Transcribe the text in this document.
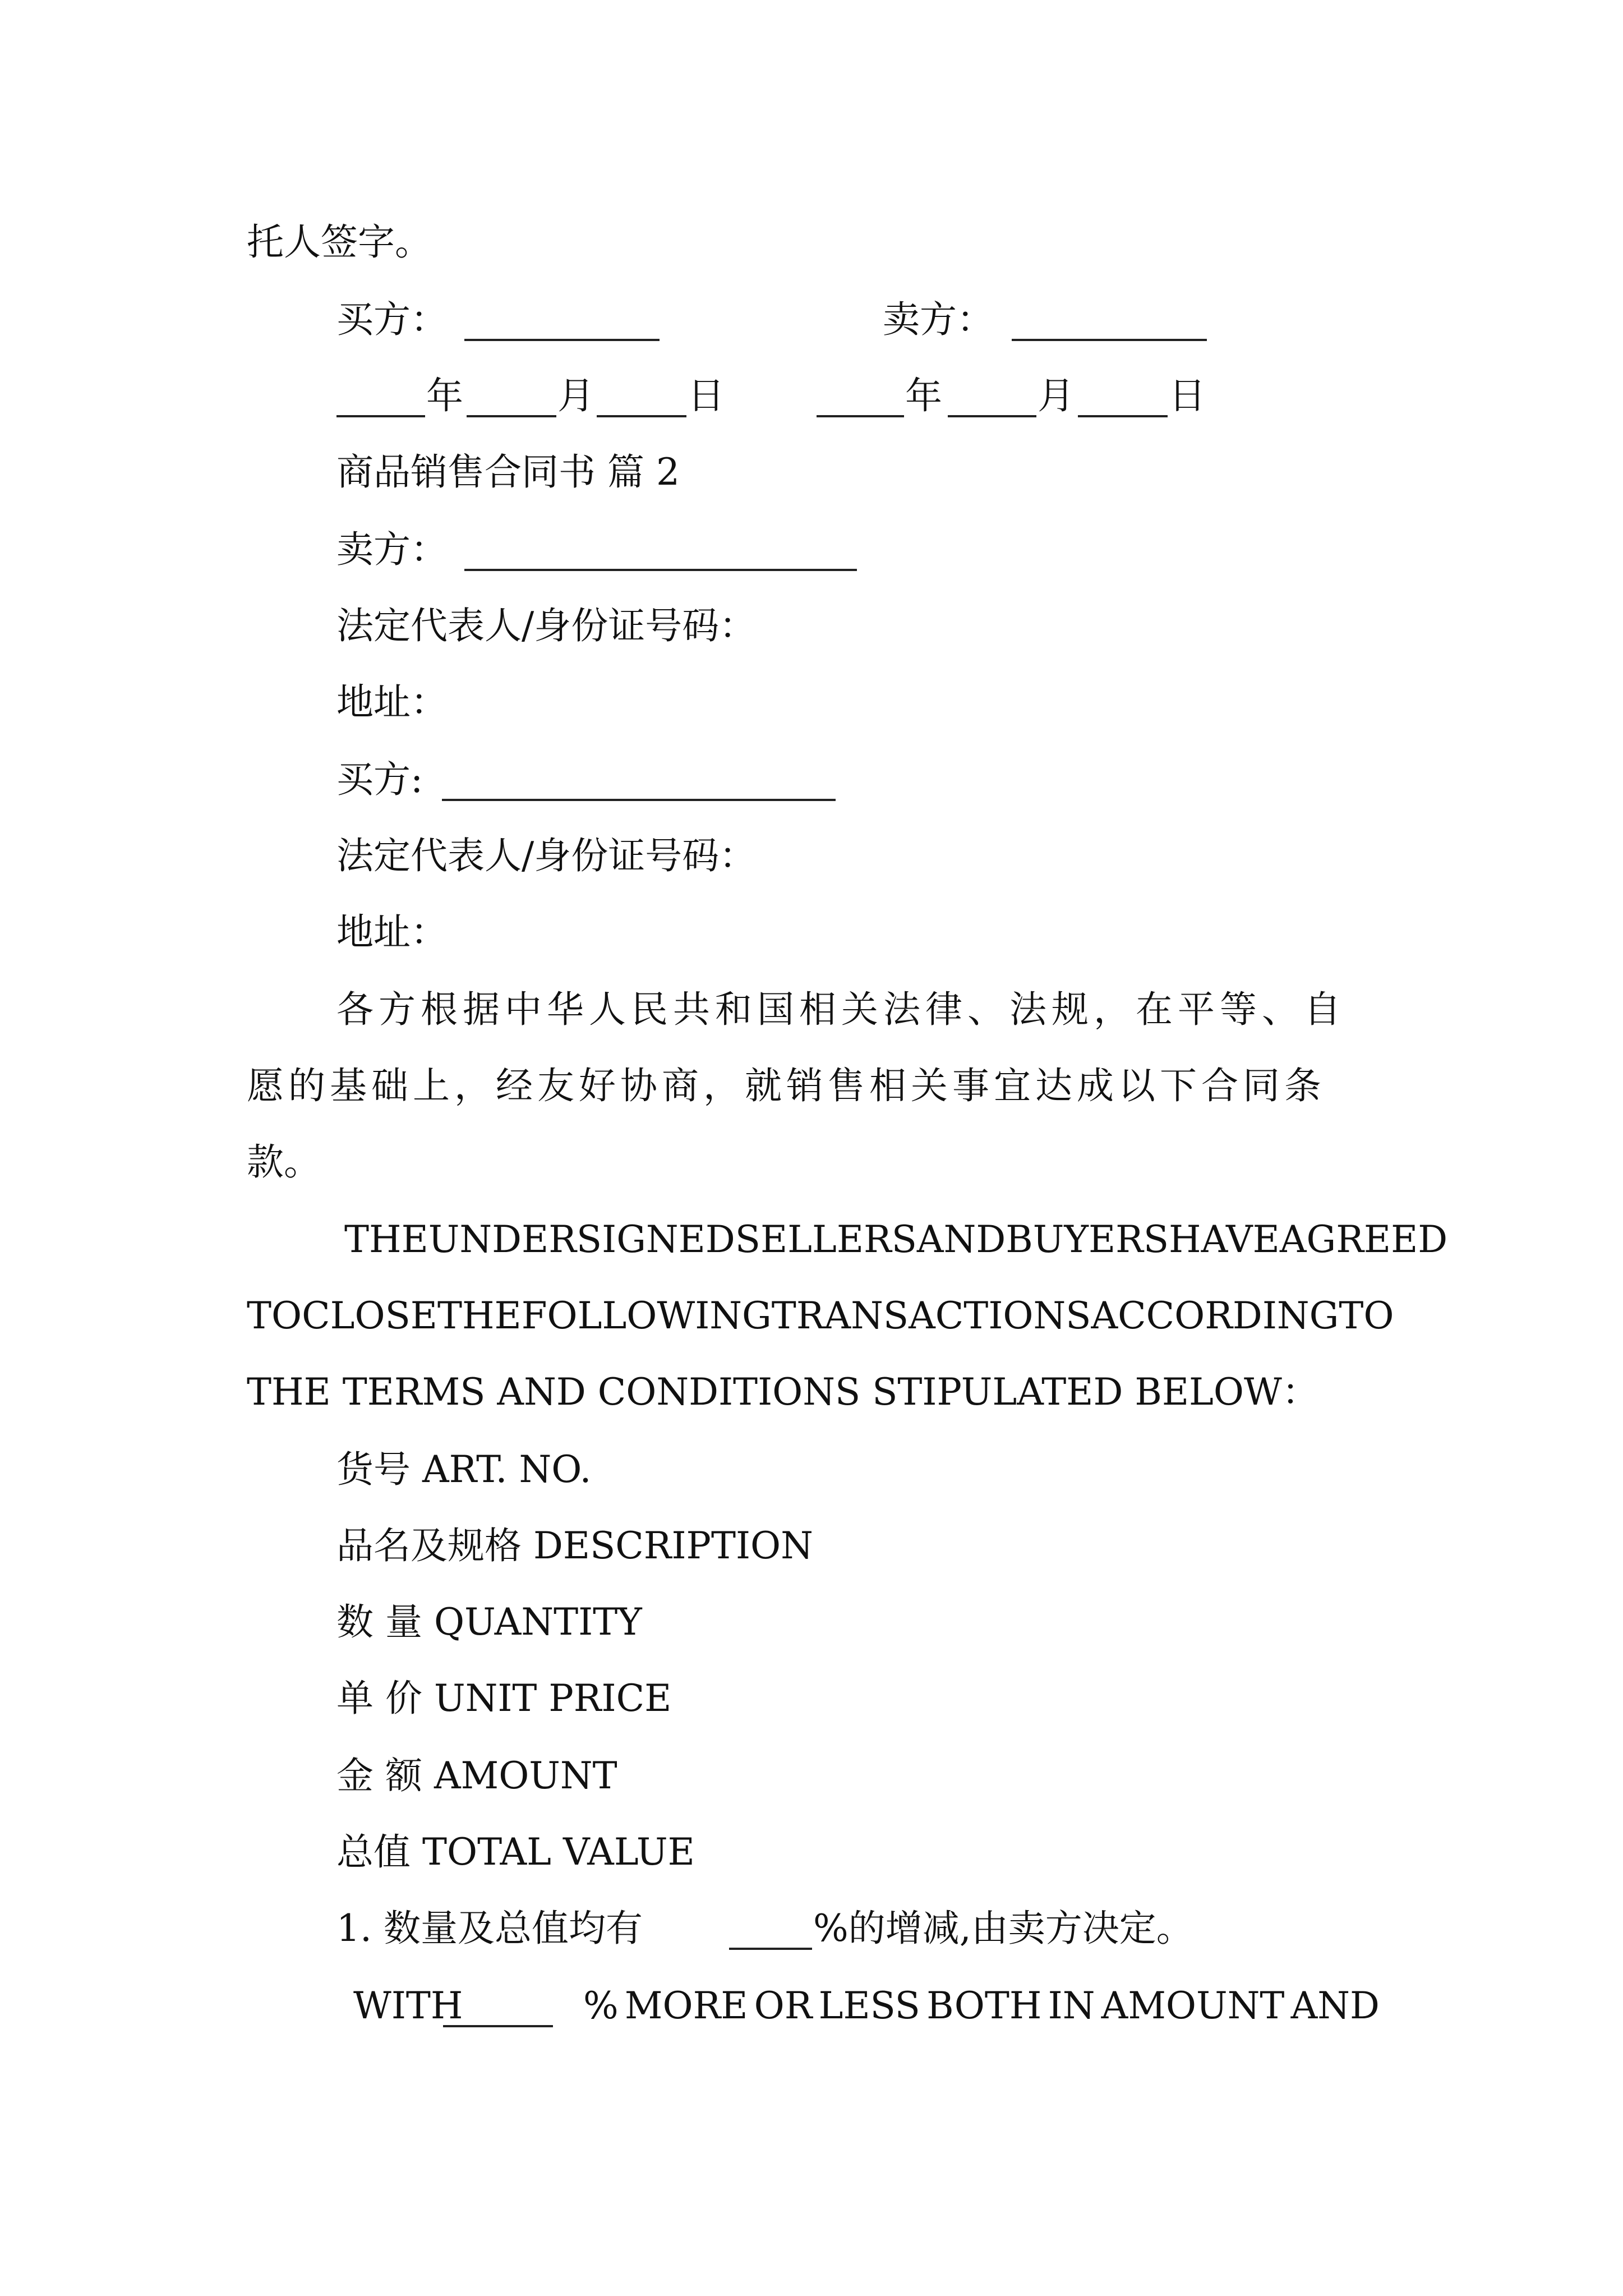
托人签字。
买方：	卖方：
年	月	日	年	月	日
商品销售合同书 篇 2
卖方：
法定代表人/身份证号码：
地址：
买方:
法定代表人/身份证号码：
地址：
各方根据中华人民共和国相关法律、法规，在平等、自
愿的基础上，经友好协商，就销售相关事宜达成以下合同条
款。
THE UNDERSIGNED SELLERS AND BUYERS HAVE AGREED
TO CLOSE THE FOLLOWING TRANSACTIONS ACCORDING TO
THE TERMS AND CONDITIONS STIPULATED BELOW：
货号 ART. NO.
品名及规格 DESCRIPTION
数 量 QUANTITY
单 价 UNIT PRICE
金 额 AMOUNT
总值 TOTAL VALUE
1. 数量及总值均有	%的增减,由卖方决定。
WITH	% MORE OR LESS BOTH IN AMOUNT AND
